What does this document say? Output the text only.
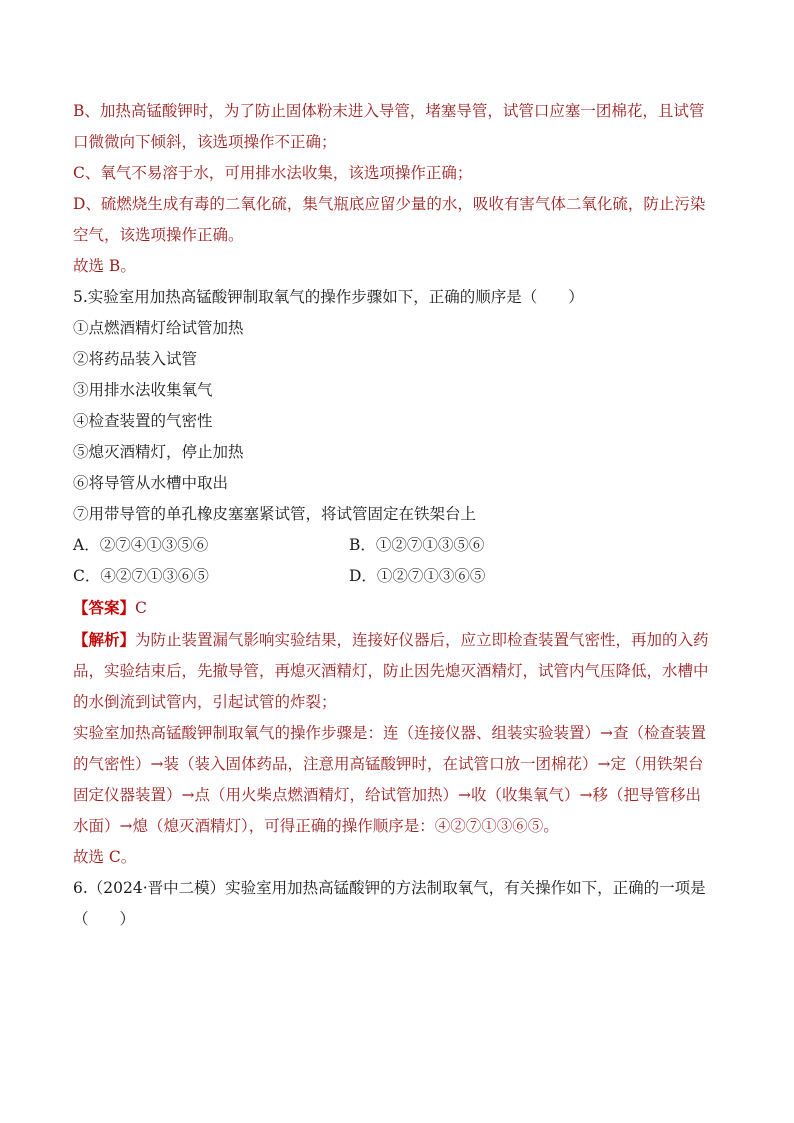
B、加热高锰酸钾时，为了防止固体粉末进入导管，堵塞导管，试管口应塞一团棉花，且试管
口微微向下倾斜，该选项操作不正确；
C、氧气不易溶于水，可用排水法收集，该选项操作正确；
D、硫燃烧生成有毒的二氧化硫，集气瓶底应留少量的水，吸收有害气体二氧化硫，防止污染
空气，该选项操作正确。
故选 B。
5.实验室用加热高锰酸钾制取氧气的操作步骤如下，正确的顺序是（　　）
①点燃酒精灯给试管加热
②将药品装入试管
③用排水法收集氧气
④检查装置的气密性
⑤熄灭酒精灯，停止加热
⑥将导管从水槽中取出
⑦用带导管的单孔橡皮塞塞紧试管，将试管固定在铁架台上
A．②⑦④①③⑤⑥	B．①②⑦①③⑤⑥
C．④②⑦①③⑥⑤	D．①②⑦①③⑥⑤
【答案】C
【解析】为防止装置漏气影响实验结果，连接好仪器后，应立即检查装置气密性，再加的入药
品，实验结束后，先撤导管，再熄灭酒精灯，防止因先熄灭酒精灯，试管内气压降低，水槽中
的水倒流到试管内，引起试管的炸裂；
实验室加热高锰酸钾制取氧气的操作步骤是：连（连接仪器、组装实验装置）→查（检查装置
的气密性）→装（装入固体药品，注意用高锰酸钾时，在试管口放一团棉花）→定（用铁架台
固定仪器装置）→点（用火柴点燃酒精灯，给试管加热）→收（收集氧气）→移（把导管移出
水面）→熄（熄灭酒精灯），可得正确的操作顺序是：④②⑦①③⑥⑤。
故选 C。
6.（2024·晋中二模）实验室用加热高锰酸钾的方法制取氧气，有关操作如下，正确的一项是
（　　）
